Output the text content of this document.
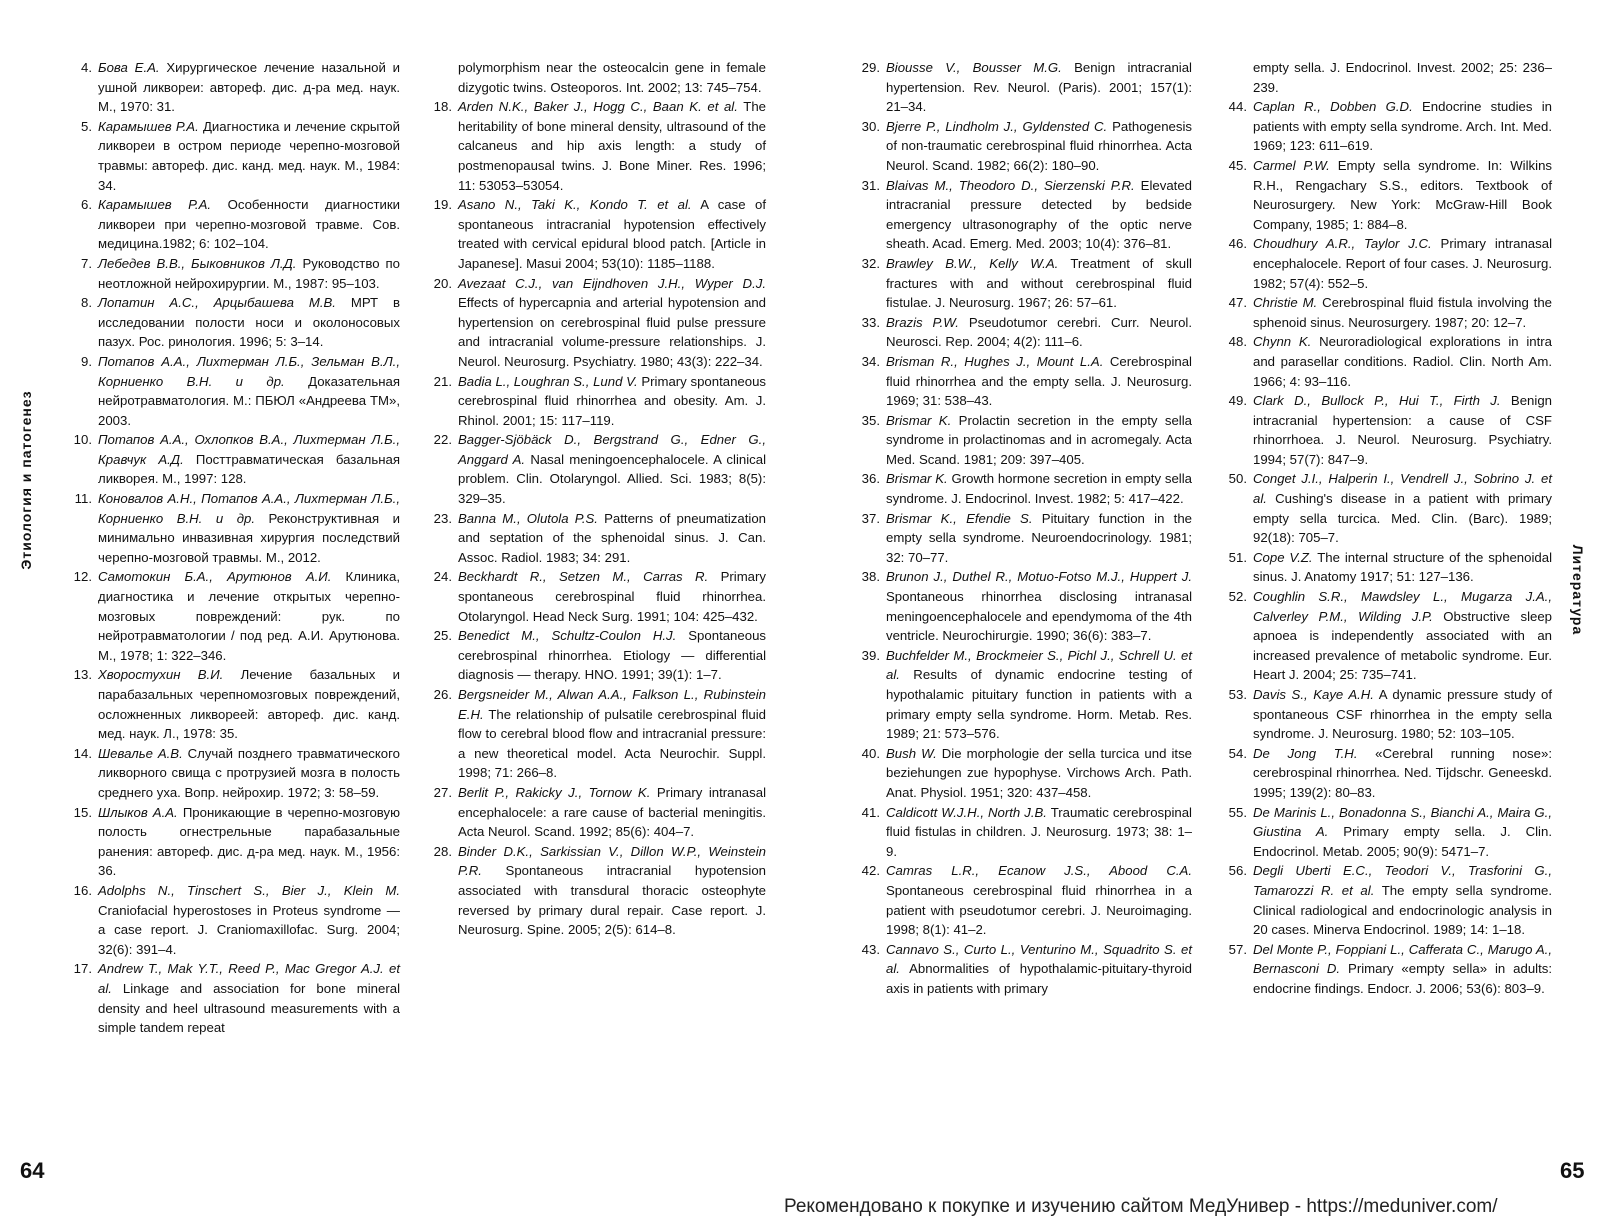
Этиология и патогенез
Литература
4. Бова Е.А. Хирургическое лечение назальной и ушной ликвореи: автореф. дис. д-ра мед. наук. М., 1970: 31.
5. Карамышев Р.А. Диагностика и лечение скрытой ликвореи в остром периоде черепно-мозговой травмы: автореф. дис. канд. мед. наук. М., 1984: 34.
6. Карамышев Р.А. Особенности диагностики ликвореи при черепно-мозговой травме. Сов. медицина.1982; 6: 102–104.
7. Лебедев В.В., Быковников Л.Д. Руководство по неотложной нейрохирургии. М., 1987: 95–103.
8. Лопатин А.С., Арцыбашева М.В. МРТ в исследовании полости носи и околоносовых пазух. Рос. ринология. 1996; 5: 3–14.
9. Потапов А.А., Лихтерман Л.Б., Зельман В.Л., Корниенко В.Н. и др. Доказательная нейротравматология. М.: ПБЮЛ «Андреева ТМ», 2003.
10. Потапов А.А., Охлопков В.А., Лихтерман Л.Б., Кравчук А.Д. Посттравматическая базальная ликворея. М., 1997: 128.
11. Коновалов А.Н., Потапов А.А., Лихтерман Л.Б., Корниенко В.Н. и др. Реконструктивная и минимально инвазивная хирургия последствий черепно-мозговой травмы. М., 2012.
12. Самотокин Б.А., Арутюнов А.И. Клиника, диагностика и лечение открытых черепно-мозговых повреждений: рук. по нейротравматологии / под ред. А.И. Арутюнова. М., 1978; 1: 322–346.
13. Хворостухин В.И. Лечение базальных и парабазальных черепномозговых повреждений, осложненных ликвореей: автореф. дис. канд. мед. наук. Л., 1978: 35.
14. Шевалье А.В. Случай позднего травматического ликворного свища с протрузией мозга в полость среднего уха. Вопр. нейрохир. 1972; 3: 58–59.
15. Шлыков А.А. Проникающие в черепно-мозговую полость огнестрельные парабазальные ранения: автореф. дис. д-ра мед. наук. М., 1956: 36.
16. Adolphs N., Tinschert S., Bier J., Klein M. Craniofacial hyperostoses in Proteus syndrome — a case report. J. Craniomaxillofac. Surg. 2004; 32(6): 391–4.
17. Andrew T., Mak Y.T., Reed P., Mac Gregor A.J. et al. Linkage and association for bone mineral density and heel ultrasound measurements with a simple tandem repeat
polymorphism near the osteocalcin gene in female dizygotic twins. Osteoporos. Int. 2002; 13: 745–754.
18. Arden N.K., Baker J., Hogg C., Baan K. et al. The heritability of bone mineral density, ultrasound of the calcaneus and hip axis length: a study of postmenopausal twins. J. Bone Miner. Res. 1996; 11: 53053–53054.
19. Asano N., Taki K., Kondo T. et al. A case of spontaneous intracranial hypotension effectively treated with cervical epidural blood patch. [Article in Japanese]. Masui 2004; 53(10): 1185–1188.
20. Avezaat C.J., van Eijndhoven J.H., Wyper D.J. Effects of hypercapnia and arterial hypotension and hypertension on cerebrospinal fluid pulse pressure and intracranial volume-pressure relationships. J. Neurol. Neurosurg. Psychiatry. 1980; 43(3): 222–34.
21. Badia L., Loughran S., Lund V. Primary spontaneous cerebrospinal fluid rhinorrhea and obesity. Am. J. Rhinol. 2001; 15: 117–119.
22. Bagger-Sjöbäck D., Bergstrand G., Edner G., Anggard A. Nasal meningoencephalocele. A clinical problem. Clin. Otolaryngol. Allied. Sci. 1983; 8(5): 329–35.
23. Banna M., Olutola P.S. Patterns of pneumatization and septation of the sphenoidal sinus. J. Can. Assoc. Radiol. 1983; 34: 291.
24. Beckhardt R., Setzen M., Carras R. Primary spontaneous cerebrospinal fluid rhinorrhea. Otolaryngol. Head Neck Surg. 1991; 104: 425–432.
25. Benedict M., Schultz-Coulon H.J. Spontaneous cerebrospinal rhinorrhea. Etiology — differential diagnosis — therapy. HNO. 1991; 39(1): 1–7.
26. Bergsneider M., Alwan A.A., Falkson L., Rubinstein E.H. The relationship of pulsatile cerebrospinal fluid flow to cerebral blood flow and intracranial pressure: a new theoretical model. Acta Neurochir. Suppl. 1998; 71: 266–8.
27. Berlit P., Rakicky J., Tornow K. Primary intranasal encephalocele: a rare cause of bacterial meningitis. Acta Neurol. Scand. 1992; 85(6): 404–7.
28. Binder D.K., Sarkissian V., Dillon W.P., Weinstein P.R. Spontaneous intracranial hypotension associated with transdural thoracic osteophyte reversed by primary dural repair. Case report. J. Neurosurg. Spine. 2005; 2(5): 614–8.
29. Biousse V., Bousser M.G. Benign intracranial hypertension. Rev. Neurol. (Paris). 2001; 157(1): 21–34.
30. Bjerre P., Lindholm J., Gyldensted C. Pathogenesis of non-traumatic cerebrospinal fluid rhinorrhea. Acta Neurol. Scand. 1982; 66(2): 180–90.
31. Blaivas M., Theodoro D., Sierzenski P.R. Elevated intracranial pressure detected by bedside emergency ultrasonography of the optic nerve sheath. Acad. Emerg. Med. 2003; 10(4): 376–81.
32. Brawley B.W., Kelly W.A. Treatment of skull fractures with and without cerebrospinal fluid fistulae. J. Neurosurg. 1967; 26: 57–61.
33. Brazis P.W. Pseudotumor cerebri. Curr. Neurol. Neurosci. Rep. 2004; 4(2): 111–6.
34. Brisman R., Hughes J., Mount L.A. Cerebrospinal fluid rhinorrhea and the empty sella. J. Neurosurg. 1969; 31: 538–43.
35. Brismar K. Prolactin secretion in the empty sella syndrome in prolactinomas and in acromegaly. Acta Med. Scand. 1981; 209: 397–405.
36. Brismar K. Growth hormone secretion in empty sella syndrome. J. Endocrinol. Invest. 1982; 5: 417–422.
37. Brismar K., Efendie S. Pituitary function in the empty sella syndrome. Neuroendocrinology. 1981; 32: 70–77.
38. Brunon J., Duthel R., Motuo-Fotso M.J., Huppert J. Spontaneous rhinorrhea disclosing intranasal meningoencephalocele and ependymoma of the 4th ventricle. Neurochirurgie. 1990; 36(6): 383–7.
39. Buchfelder M., Brockmeier S., Pichl J., Schrell U. et al. Results of dynamic endocrine testing of hypothalamic pituitary function in patients with a primary empty sella syndrome. Horm. Metab. Res. 1989; 21: 573–576.
40. Bush W. Die morphologie der sella turcica und itse beziehungen zue hypophyse. Virchows Arch. Path. Anat. Physiol. 1951; 320: 437–458.
41. Caldicott W.J.H., North J.B. Traumatic cerebrospinal fluid fistulas in children. J. Neurosurg. 1973; 38: 1–9.
42. Camras L.R., Ecanow J.S., Abood C.A. Spontaneous cerebrospinal fluid rhinorrhea in a patient with pseudotumor cerebri. J. Neuroimaging. 1998; 8(1): 41–2.
43. Cannavo S., Curto L., Venturino M., Squadrito S. et al. Abnormalities of hypothalamic-pituitary-thyroid axis in patients with primary
empty sella. J. Endocrinol. Invest. 2002; 25: 236–239.
44. Caplan R., Dobben G.D. Endocrine studies in patients with empty sella syndrome. Arch. Int. Med. 1969; 123: 611–619.
45. Carmel P.W. Empty sella syndrome. In: Wilkins R.H., Rengachary S.S., editors. Textbook of Neurosurgery. New York: McGraw-Hill Book Company, 1985; 1: 884–8.
46. Choudhury A.R., Taylor J.C. Primary intranasal encephalocele. Report of four cases. J. Neurosurg. 1982; 57(4): 552–5.
47. Christie M. Cerebrospinal fluid fistula involving the sphenoid sinus. Neurosurgery. 1987; 20: 12–7.
48. Chynn K. Neuroradiological explorations in intra and parasellar conditions. Radiol. Clin. North Am. 1966; 4: 93–116.
49. Clark D., Bullock P., Hui T., Firth J. Benign intracranial hypertension: a cause of CSF rhinorrhoea. J. Neurol. Neurosurg. Psychiatry. 1994; 57(7): 847–9.
50. Conget J.I., Halperin I., Vendrell J., Sobrino J. et al. Cushing's disease in a patient with primary empty sella turcica. Med. Clin. (Barc). 1989; 92(18): 705–7.
51. Cope V.Z. The internal structure of the sphenoidal sinus. J. Anatomy 1917; 51: 127–136.
52. Coughlin S.R., Mawdsley L., Mugarza J.A., Calverley P.M., Wilding J.P. Obstructive sleep apnoea is independently associated with an increased prevalence of metabolic syndrome. Eur. Heart J. 2004; 25: 735–741.
53. Davis S., Kaye A.H. A dynamic pressure study of spontaneous CSF rhinorrhea in the empty sella syndrome. J. Neurosurg. 1980; 52: 103–105.
54. De Jong T.H. «Cerebral running nose»: cerebrospinal rhinorrhea. Ned. Tijdschr. Geneeskd. 1995; 139(2): 80–83.
55. De Marinis L., Bonadonna S., Bianchi A., Maira G., Giustina A. Primary empty sella. J. Clin. Endocrinol. Metab. 2005; 90(9): 5471–7.
56. Degli Uberti E.C., Teodori V., Trasforini G., Tamarozzi R. et al. The empty sella syndrome. Clinical radiological and endocrinologic analysis in 20 cases. Minerva Endocrinol. 1989; 14: 1–18.
57. Del Monte P., Foppiani L., Cafferata C., Marugo A., Bernasconi D. Primary «empty sella» in adults: endocrine findings. Endocr. J. 2006; 53(6): 803–9.
64	65
Рекомендовано к покупке и изучению сайтом МедУнивер - https://meduniver.com/
